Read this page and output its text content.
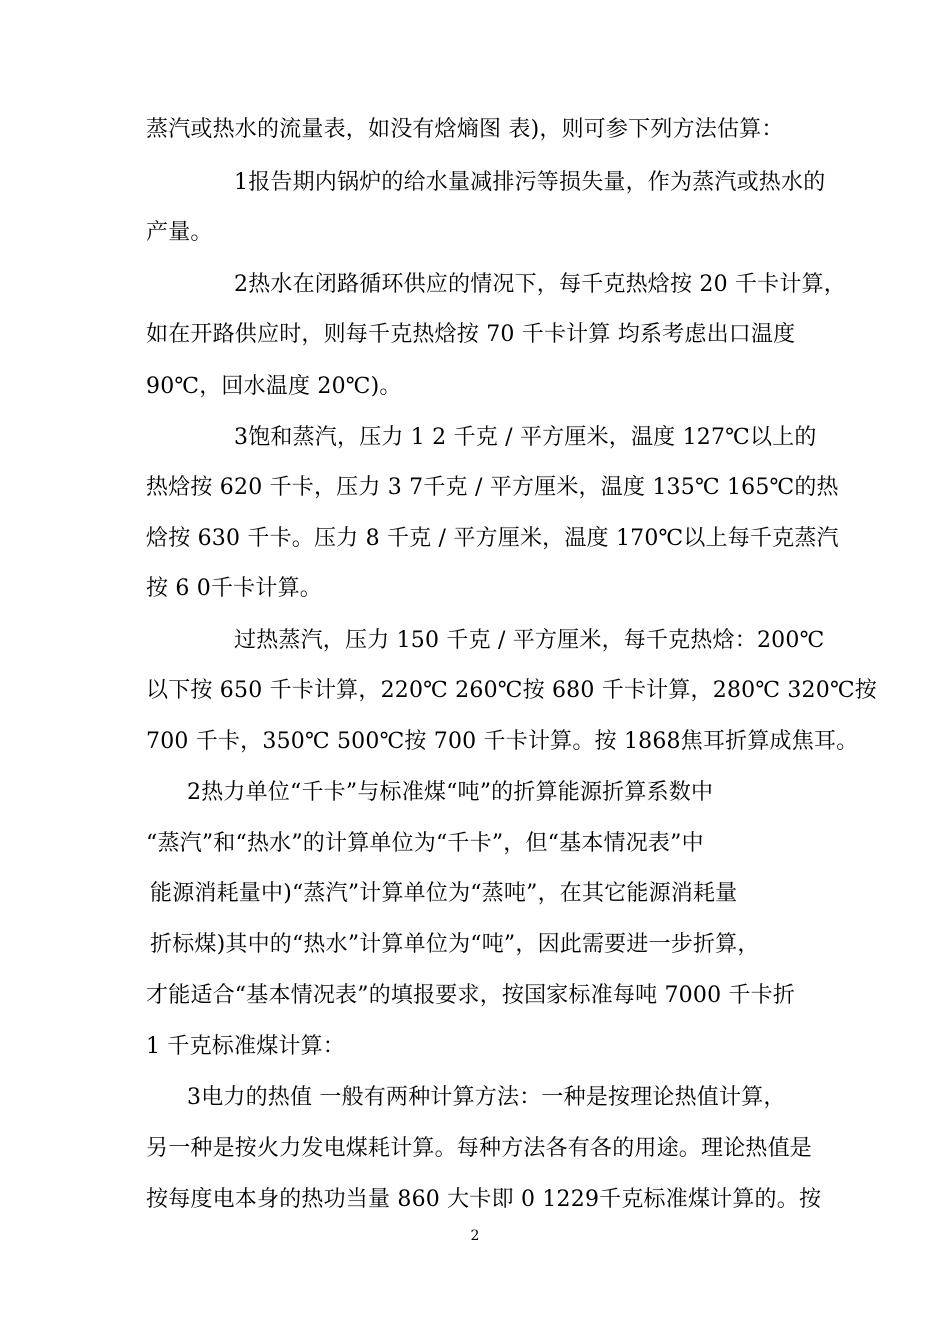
蒸汽或热水的流量表，如没有焓熵图 表)，则可参下列方法估算：
1报告期内锅炉的给水量减排污等损失量，作为蒸汽或热水的
产量。
2热水在闭路循环供应的情况下，每千克热焓按 20 千卡计算，
如在开路供应时，则每千克热焓按 70 千卡计算 均系考虑出口温度
90℃，回水温度 20℃)。
3饱和蒸汽，压力 1 2 千克 / 平方厘米，温度 127℃以上的
热焓按 620 千卡，压力 3 7千克 / 平方厘米，温度 135℃ 165℃的热
焓按 630 千卡。压力 8 千克 / 平方厘米，温度 170℃以上每千克蒸汽
按 6 0千卡计算。
过热蒸汽，压力 150 千克 / 平方厘米，每千克热焓：200℃
以下按 650 千卡计算，220℃ 260℃按 680 千卡计算，280℃ 320℃按
700 千卡，350℃ 500℃按 700 千卡计算。按 1868焦耳折算成焦耳。
2热力单位“千卡”与标准煤“吨”的折算能源折算系数中
“蒸汽”和“热水”的计算单位为“千卡”，但“基本情况表”中
能源消耗量中)“蒸汽”计算单位为“蒸吨”，在其它能源消耗量
折标煤)其中的“热水”计算单位为“吨”，因此需要进一步折算，
才能适合“基本情况表”的填报要求，按国家标准每吨 7000 千卡折
1 千克标准煤计算：
3电力的热值 一般有两种计算方法：一种是按理论热值计算，
另一种是按火力发电煤耗计算。每种方法各有各的用途。理论热值是
按每度电本身的热功当量 860 大卡即 0 1229千克标准煤计算的。按
2
